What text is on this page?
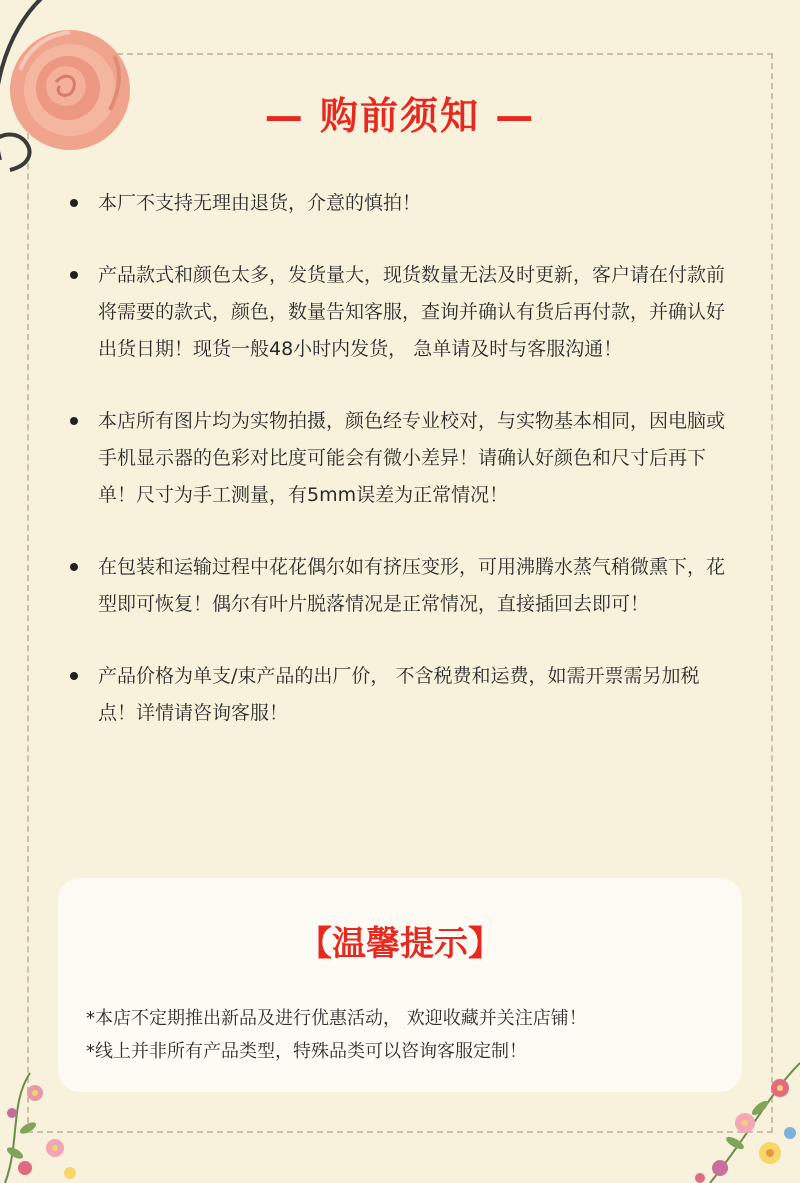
— 购前须知 —
本厂不支持无理由退货，介意的慎拍！
产品款式和颜色太多，发货量大，现货数量无法及时更新，客户请在付款前将需要的款式，颜色，数量告知客服，查询并确认有货后再付款，并确认好出货日期！现货一般48小时内发货， 急单请及时与客服沟通！
本店所有图片均为实物拍摄，颜色经专业校对，与实物基本相同，因电脑或手机显示器的色彩对比度可能会有微小差异！请确认好颜色和尺寸后再下单！尺寸为手工测量，有5mm误差为正常情况！
在包装和运输过程中花花偶尔如有挤压变形，可用沸腾水蒸气稍微熏下，花型即可恢复！偶尔有叶片脱落情况是正常情况，直接插回去即可！
产品价格为单支/束产品的出厂价， 不含税费和运费，如需开票需另加税点！详情请咨询客服！
【温馨提示】
*本店不定期推出新品及进行优惠活动， 欢迎收藏并关注店铺！
*线上并非所有产品类型，特殊品类可以咨询客服定制！
